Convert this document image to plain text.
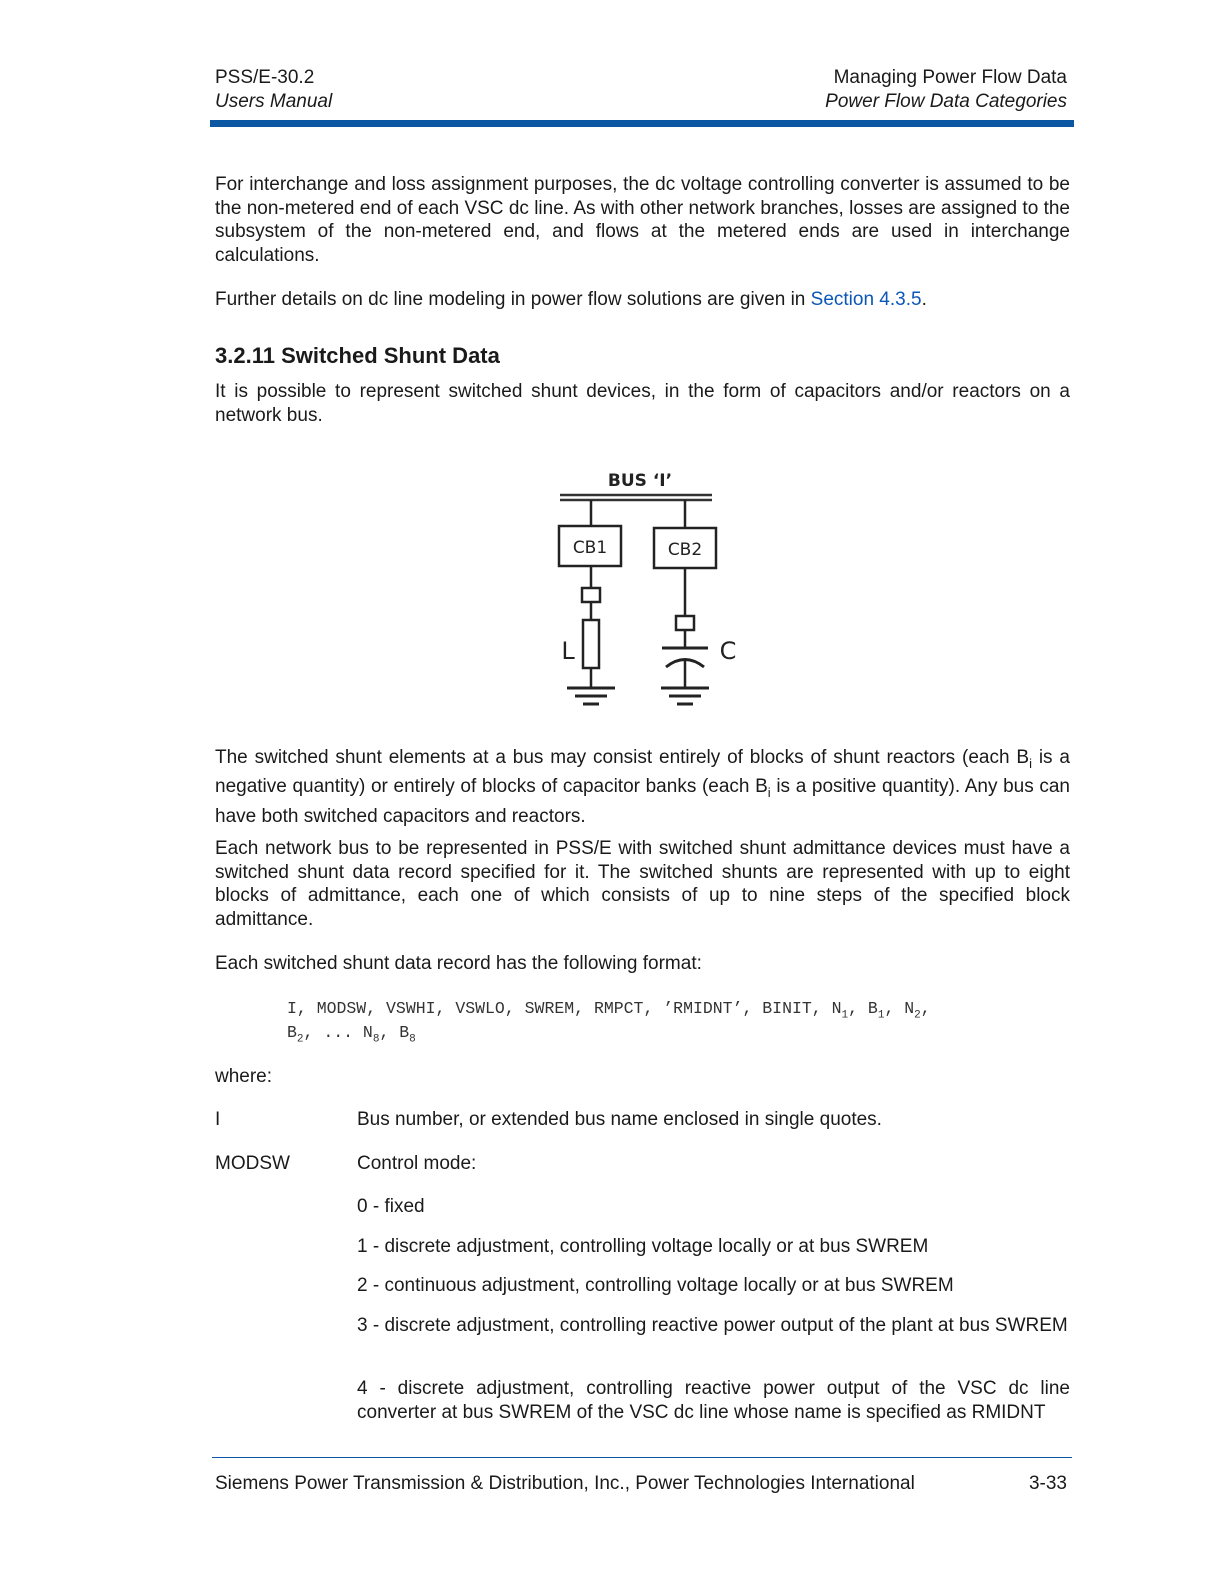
PSS/E-30.2
Users Manual
Managing Power Flow Data
Power Flow Data Categories
For interchange and loss assignment purposes, the dc voltage controlling converter is assumed to be the non-metered end of each VSC dc line. As with other network branches, losses are assigned to the subsystem of the non-metered end, and flows at the metered ends are used in interchange calculations.
Further details on dc line modeling in power flow solutions are given in Section 4.3.5.
3.2.11 Switched Shunt Data
It is possible to represent switched shunt devices, in the form of capacitors and/or reactors on a network bus.
BUS ‘I’
CB1
L
CB2
C
The switched shunt elements at a bus may consist entirely of blocks of shunt reactors (each $B_i$ is a negative quantity) or entirely of blocks of capacitor banks (each $B_i$ is a positive quantity). Any bus can have both switched capacitors and reactors.
Each network bus to be represented in PSS/E with switched shunt admittance devices must have a switched shunt data record specified for it. The switched shunts are represented with up to eight blocks of admittance, each one of which consists of up to nine steps of the specified block admittance.
Each switched shunt data record has the following format:
I, MODSW, VSWHI, VSWLO, SWREM, RMPCT, ’RMIDNT’, BINIT, $N_1$, $B_1$, $N_2$,
$B_2$, ... $N_8$, $B_8$
where:
I	Bus number, or extended bus name enclosed in single quotes.
MODSW	Control mode:
0 - fixed
1 - discrete adjustment, controlling voltage locally or at bus SWREM
2 - continuous adjustment, controlling voltage locally or at bus SWREM
3 - discrete adjustment, controlling reactive power output of the plant at bus SWREM
4 - discrete adjustment, controlling reactive power output of the VSC dc line converter at bus SWREM of the VSC dc line whose name is specified as RMIDNT
Siemens Power Transmission & Distribution, Inc., Power Technologies International	3-33
